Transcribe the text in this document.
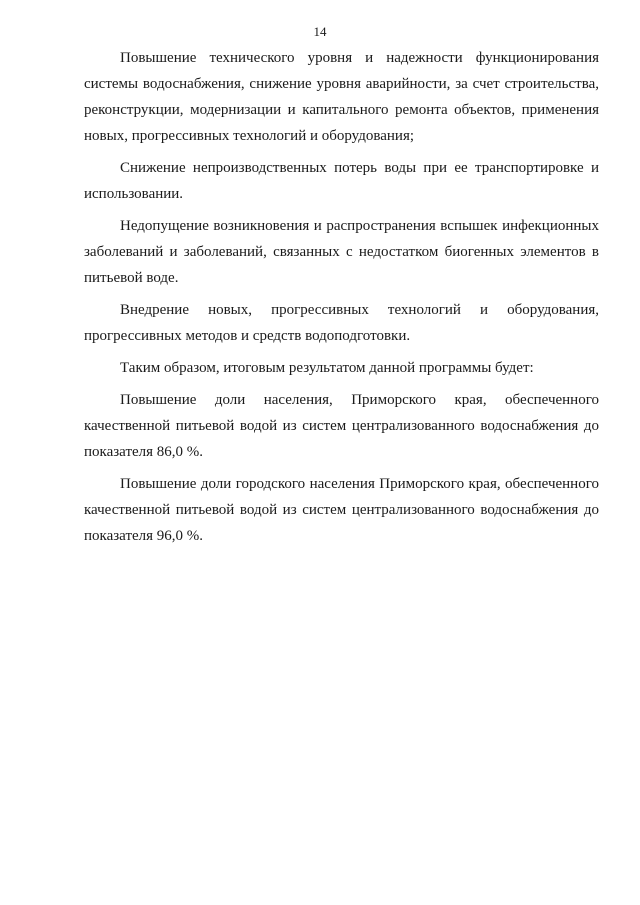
14

Повышение технического уровня и надежности функционирования системы водоснабжения, снижение уровня аварийности, за счет строительства, реконструкции, модернизации и капитального ремонта объектов, применения новых, прогрессивных технологий и оборудования;

Снижение непроизводственных потерь воды при ее транспортировке и использовании.

Недопущение возникновения и распространения вспышек инфекционных заболеваний и заболеваний, связанных с недостатком биогенных элементов в питьевой воде.

Внедрение новых, прогрессивных технологий и оборудования, прогрессивных методов и средств водоподготовки.

Таким образом, итоговым результатом данной программы будет:

Повышение доли населения, Приморского края, обеспеченного качественной питьевой водой из систем централизованного водоснабжения до показателя 86,0 %.

Повышение доли городского населения Приморского края, обеспеченного качественной питьевой водой из систем централизованного водоснабжения до показателя 96,0 %.
